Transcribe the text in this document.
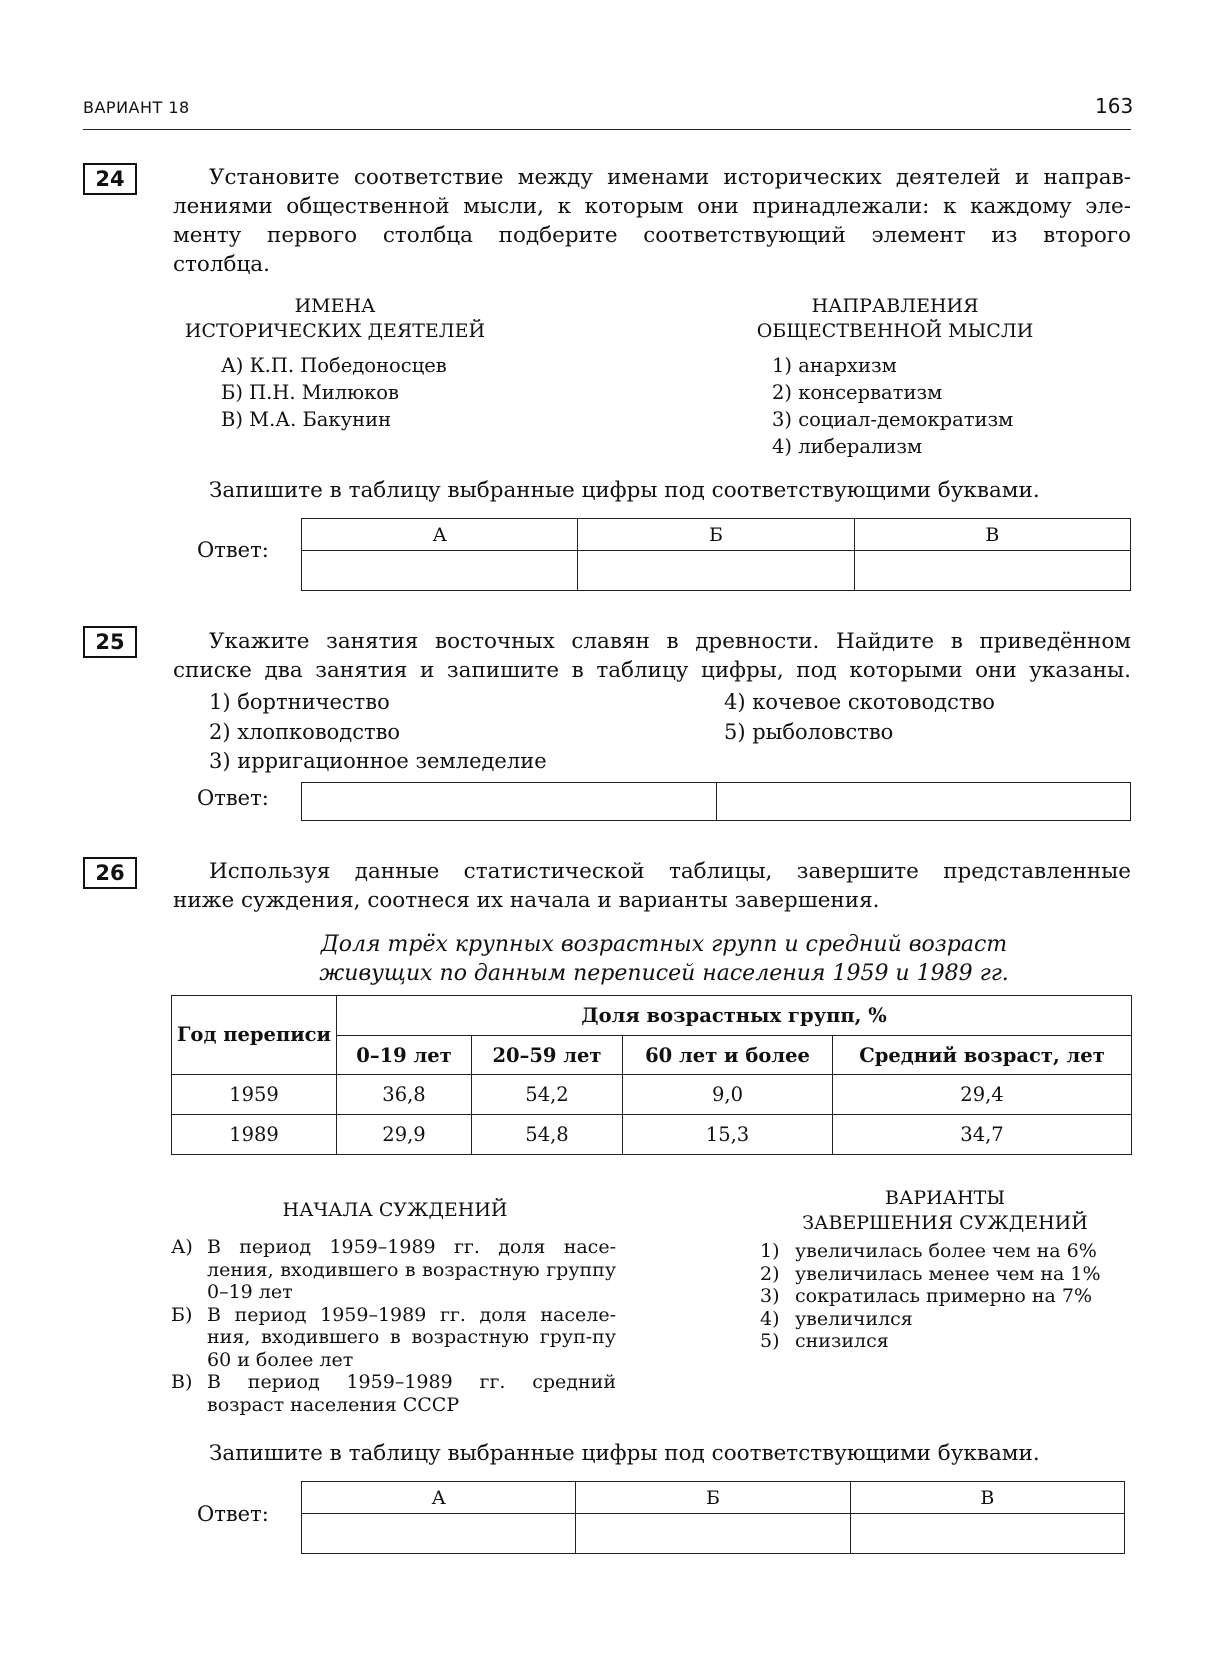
ВАРИАНТ 18	163
24	Установите соответствие между именами исторических деятелей и направ-
лениями общественной мысли, к которым они принадлежали: к каждому эле-
менту первого столбца подберите соответствующий элемент из второго
столбца.
ИМЕНА
ИСТОРИЧЕСКИХ ДЕЯТЕЛЕЙ
А) К.П. Победоносцев
Б) П.Н. Милюков
В) М.А. Бакунин
НАПРАВЛЕНИЯ
ОБЩЕСТВЕННОЙ МЫСЛИ
1) анархизм
2) консерватизм
3) социал-демократизм
4) либерализм
Запишите в таблицу выбранные цифры под соответствующими буквами.
Ответ:
А	Б	В

25	Укажите занятия восточных славян в древности. Найдите в приведённом
списке два занятия и запишите в таблицу цифры, под которыми они указаны.
1) бортничество
2) хлопководство
3) ирригационное земледелие
4) кочевое скотоводство
5) рыболовство
Ответ:

26	Используя данные статистической таблицы, завершите представленные
ниже суждения, соотнеся их начала и варианты завершения.
Доля трёх крупных возрастных групп и средний возраст
живущих по данным переписей населения 1959 и 1989 гг.
Год переписи	Доля возрастных групп, %			
	0–19 лет	20–59 лет	60 лет и более	Средний возраст, лет
1959	36,8	54,2	9,0	29,4
1989	29,9	54,8	15,3	34,7
НАЧАЛА СУЖДЕНИЙ
А) В период 1959–1989 гг. доля насе-ления, входившего в возрастную группу 0–19 лет
Б) В период 1959–1989 гг. доля населе-ния, входившего в возрастную груп-пу 60 и более лет
В) В период 1959–1989 гг. средний возраст населения СССР
ВАРИАНТЫ
ЗАВЕРШЕНИЯ СУЖДЕНИЙ
1) увеличилась более чем на 6%
2) увеличилась менее чем на 1%
3) сократилась примерно на 7%
4) увеличился
5) снизился
Запишите в таблицу выбранные цифры под соответствующими буквами.
Ответ:
А	Б	В
